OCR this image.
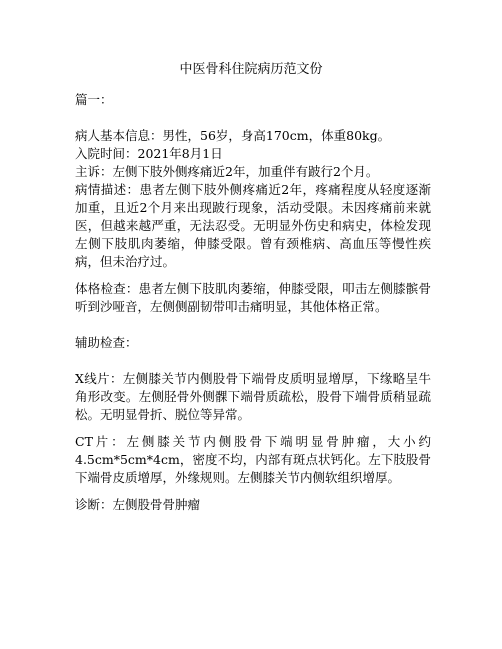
中医骨科住院病历范文份

篇一：

病人基本信息：男性，56岁，身高170cm，体重80kg。

入院时间：2021年8月1日

主诉：左侧下肢外侧疼痛近2年，加重伴有跛行2个月。

病情描述：患者左侧下肢外侧疼痛近2年，疼痛程度从轻度逐渐加重，且近2个月来出现跛行现象，活动受限。未因疼痛前来就医，但越来越严重，无法忍受。无明显外伤史和病史，体检发现左侧下肢肌肉萎缩，伸膝受限。曾有颈椎病、高血压等慢性疾病，但未治疗过。

体格检查：患者左侧下肢肌肉萎缩，伸膝受限，叩击左侧膝髌骨听到沙哑音，左侧侧副韧带叩击痛明显，其他体格正常。

辅助检查：

X线片：左侧膝关节内侧股骨下端骨皮质明显增厚，下缘略呈牛角形改变。左侧胫骨外侧髁下端骨质疏松，股骨下端骨质稍显疏松。无明显骨折、脱位等异常。

CT片：左侧膝关节内侧股骨下端明显骨肿瘤，大小约4.5cm*5cm*4cm，密度不均，内部有斑点状钙化。左下肢股骨下端骨皮质增厚，外缘规则。左侧膝关节内侧软组织增厚。

诊断：左侧股骨骨肿瘤
